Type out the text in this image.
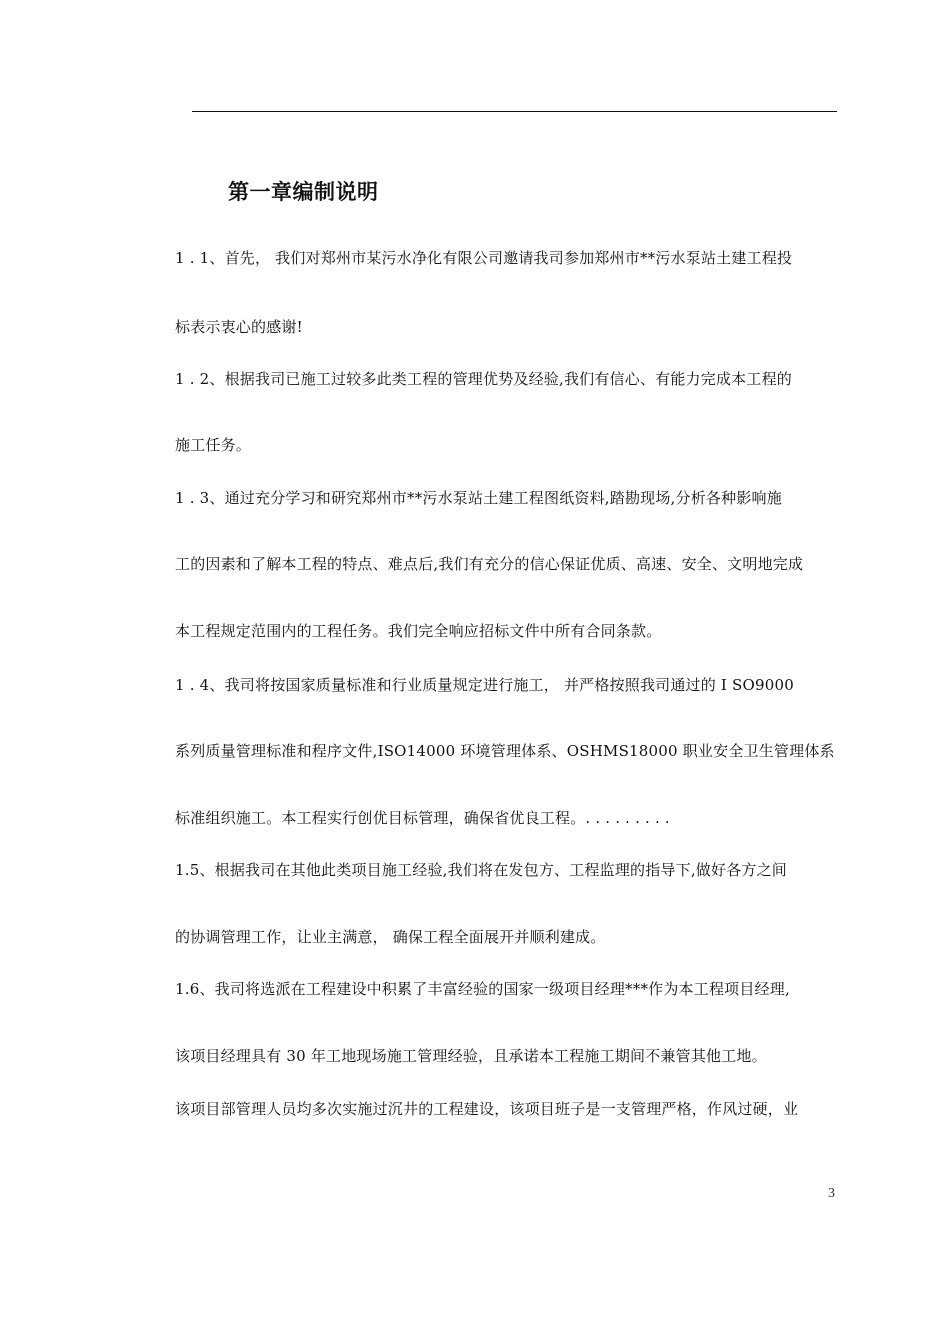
第一章编制说明
1 . 1、首先， 我们对郑州市某污水净化有限公司邀请我司参加郑州市**污水泵站土建工程投
标表示衷心的感谢!
1 . 2、根据我司已施工过较多此类工程的管理优势及经验,我们有信心、有能力完成本工程的
施工任务。
1 . 3、通过充分学习和研究郑州市**污水泵站土建工程图纸资料,踏勘现场,分析各种影响施
工的因素和了解本工程的特点、难点后,我们有充分的信心保证优质、高速、安全、文明地完成
本工程规定范围内的工程任务。我们完全响应招标文件中所有合同条款。
1 . 4、我司将按国家质量标准和行业质量规定进行施工， 并严格按照我司通过的 I SO9000
系列质量管理标准和程序文件,ISO14000 环境管理体系、OSHMS18000 职业安全卫生管理体系
标准组织施工。本工程实行创优目标管理，确保省优良工程。. . . . . . . . .
1.5、根据我司在其他此类项目施工经验,我们将在发包方、工程监理的指导下,做好各方之间
的协调管理工作，让业主满意， 确保工程全面展开并顺利建成。
1.6、我司将选派在工程建设中积累了丰富经验的国家一级项目经理***作为本工程项目经理,
该项目经理具有 30 年工地现场施工管理经验，且承诺本工程施工期间不兼管其他工地。
该项目部管理人员均多次实施过沉井的工程建设，该项目班子是一支管理严格，作风过硬，业
3
